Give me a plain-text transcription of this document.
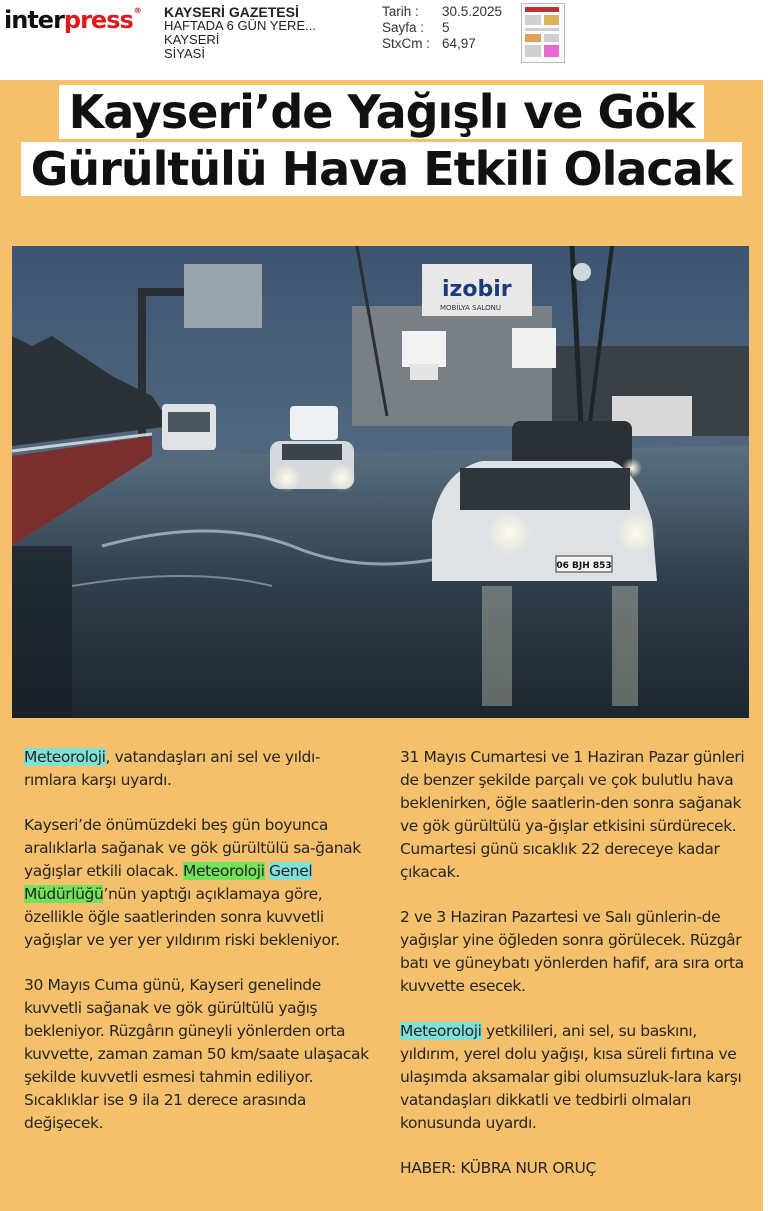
interpress® KAYSERİ GAZETESİ
HAFTADA 6 GÜN YERE...
KAYSERİ
SİYASİ
Tarih :	30.5.2025
Sayfa :	5
StxCm : 64,97
Kayseri’de Yağışlı ve Gök
Gürültülü Hava Etkili Olacak
izobir
MOBİLYA SALONU
06 BJH 853

Meteoroloji, vatandaşları ani sel ve yıldı-rımlara karşı uyardı.

Kayseri’de önümüzdeki beş gün boyunca aralıklarla sağanak ve gök gürültülü sa-ğanak yağışlar etkili olacak. Meteoroloji Genel Müdürlüğü’nün yaptığı açıklamaya göre, özellikle öğle saatlerinden sonra kuvvetli yağışlar ve yer yer yıldırım riski bekleniyor.

30 Mayıs Cuma günü, Kayseri genelinde kuvvetli sağanak ve gök gürültülü yağış bekleniyor. Rüzgârın güneyli yönlerden orta kuvvette, zaman zaman 50 km/saate ulaşacak şekilde kuvvetli esmesi tahmin ediliyor. Sıcaklıklar ise 9 ila 21 derece arasında değişecek.

31 Mayıs Cumartesi ve 1 Haziran Pazar günleri de benzer şekilde parçalı ve çok bulutlu hava beklenirken, öğle saatlerin-den sonra sağanak ve gök gürültülü ya-ğışlar etkisini sürdürecek. Cumartesi günü sıcaklık 22 dereceye kadar çıkacak.

2 ve 3 Haziran Pazartesi ve Salı günlerin-de yağışlar yine öğleden sonra görülecek. Rüzgâr batı ve güneybatı yönlerden hafif, ara sıra orta kuvvette esecek.

Meteoroloji yetkilileri, ani sel, su baskını, yıldırım, yerel dolu yağışı, kısa süreli fırtına ve ulaşımda aksamalar gibi olumsuzluk-lara karşı vatandaşları dikkatli ve tedbirli olmaları konusunda uyardı.

HABER: KÜBRA NUR ORUÇ
